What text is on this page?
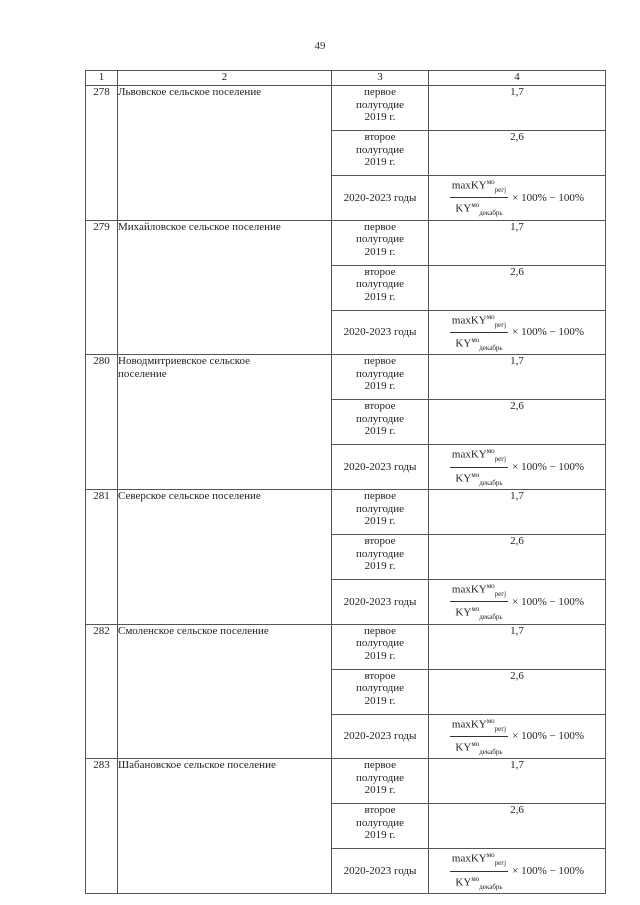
49
1	2	3	4
278	Львовское сельское поселение	первое
полугодие
2019 г.	1,7
		второе
полугодие
2019 г.	2,6
		2020-2023 годы	$\frac{maxKY^{мо}_{peгj}}{KY^{мо}_{декабрь}} \times 100\% - 100\%$

279	Михайловское сельское поселение	первое
полугодие
2019 г.	1,7
		второе
полугодие
2019 г.	2,6
		2020-2023 годы	$\frac{maxKY^{мо}_{peгj}}{KY^{мо}_{декабрь}} \times 100\% - 100\%$

280	Новодмитриевское сельское
поселение	первое
полугодие
2019 г.	1,7
		второе
полугодие
2019 г.	2,6
		2020-2023 годы	$\frac{maxKY^{мо}_{peгj}}{KY^{мо}_{декабрь}} \times 100\% - 100\%$

281	Северское сельское поселение	первое
полугодие
2019 г.	1,7
		второе
полугодие
2019 г.	2,6
		2020-2023 годы	$\frac{maxKY^{мо}_{peгj}}{KY^{мо}_{декабрь}} \times 100\% - 100\%$

282	Смоленское сельское поселение	первое
полугодие
2019 г.	1,7
		второе
полугодие
2019 г.	2,6
		2020-2023 годы	$\frac{maxKY^{мо}_{peгj}}{KY^{мо}_{декабрь}} \times 100\% - 100\%$

283	Шабановское сельское поселение	первое
полугодие
2019 г.	1,7
		второе
полугодие
2019 г.	2,6
		2020-2023 годы	$\frac{maxKY^{мо}_{peгj}}{KY^{мо}_{декабрь}} \times 100\% - 100\%$
